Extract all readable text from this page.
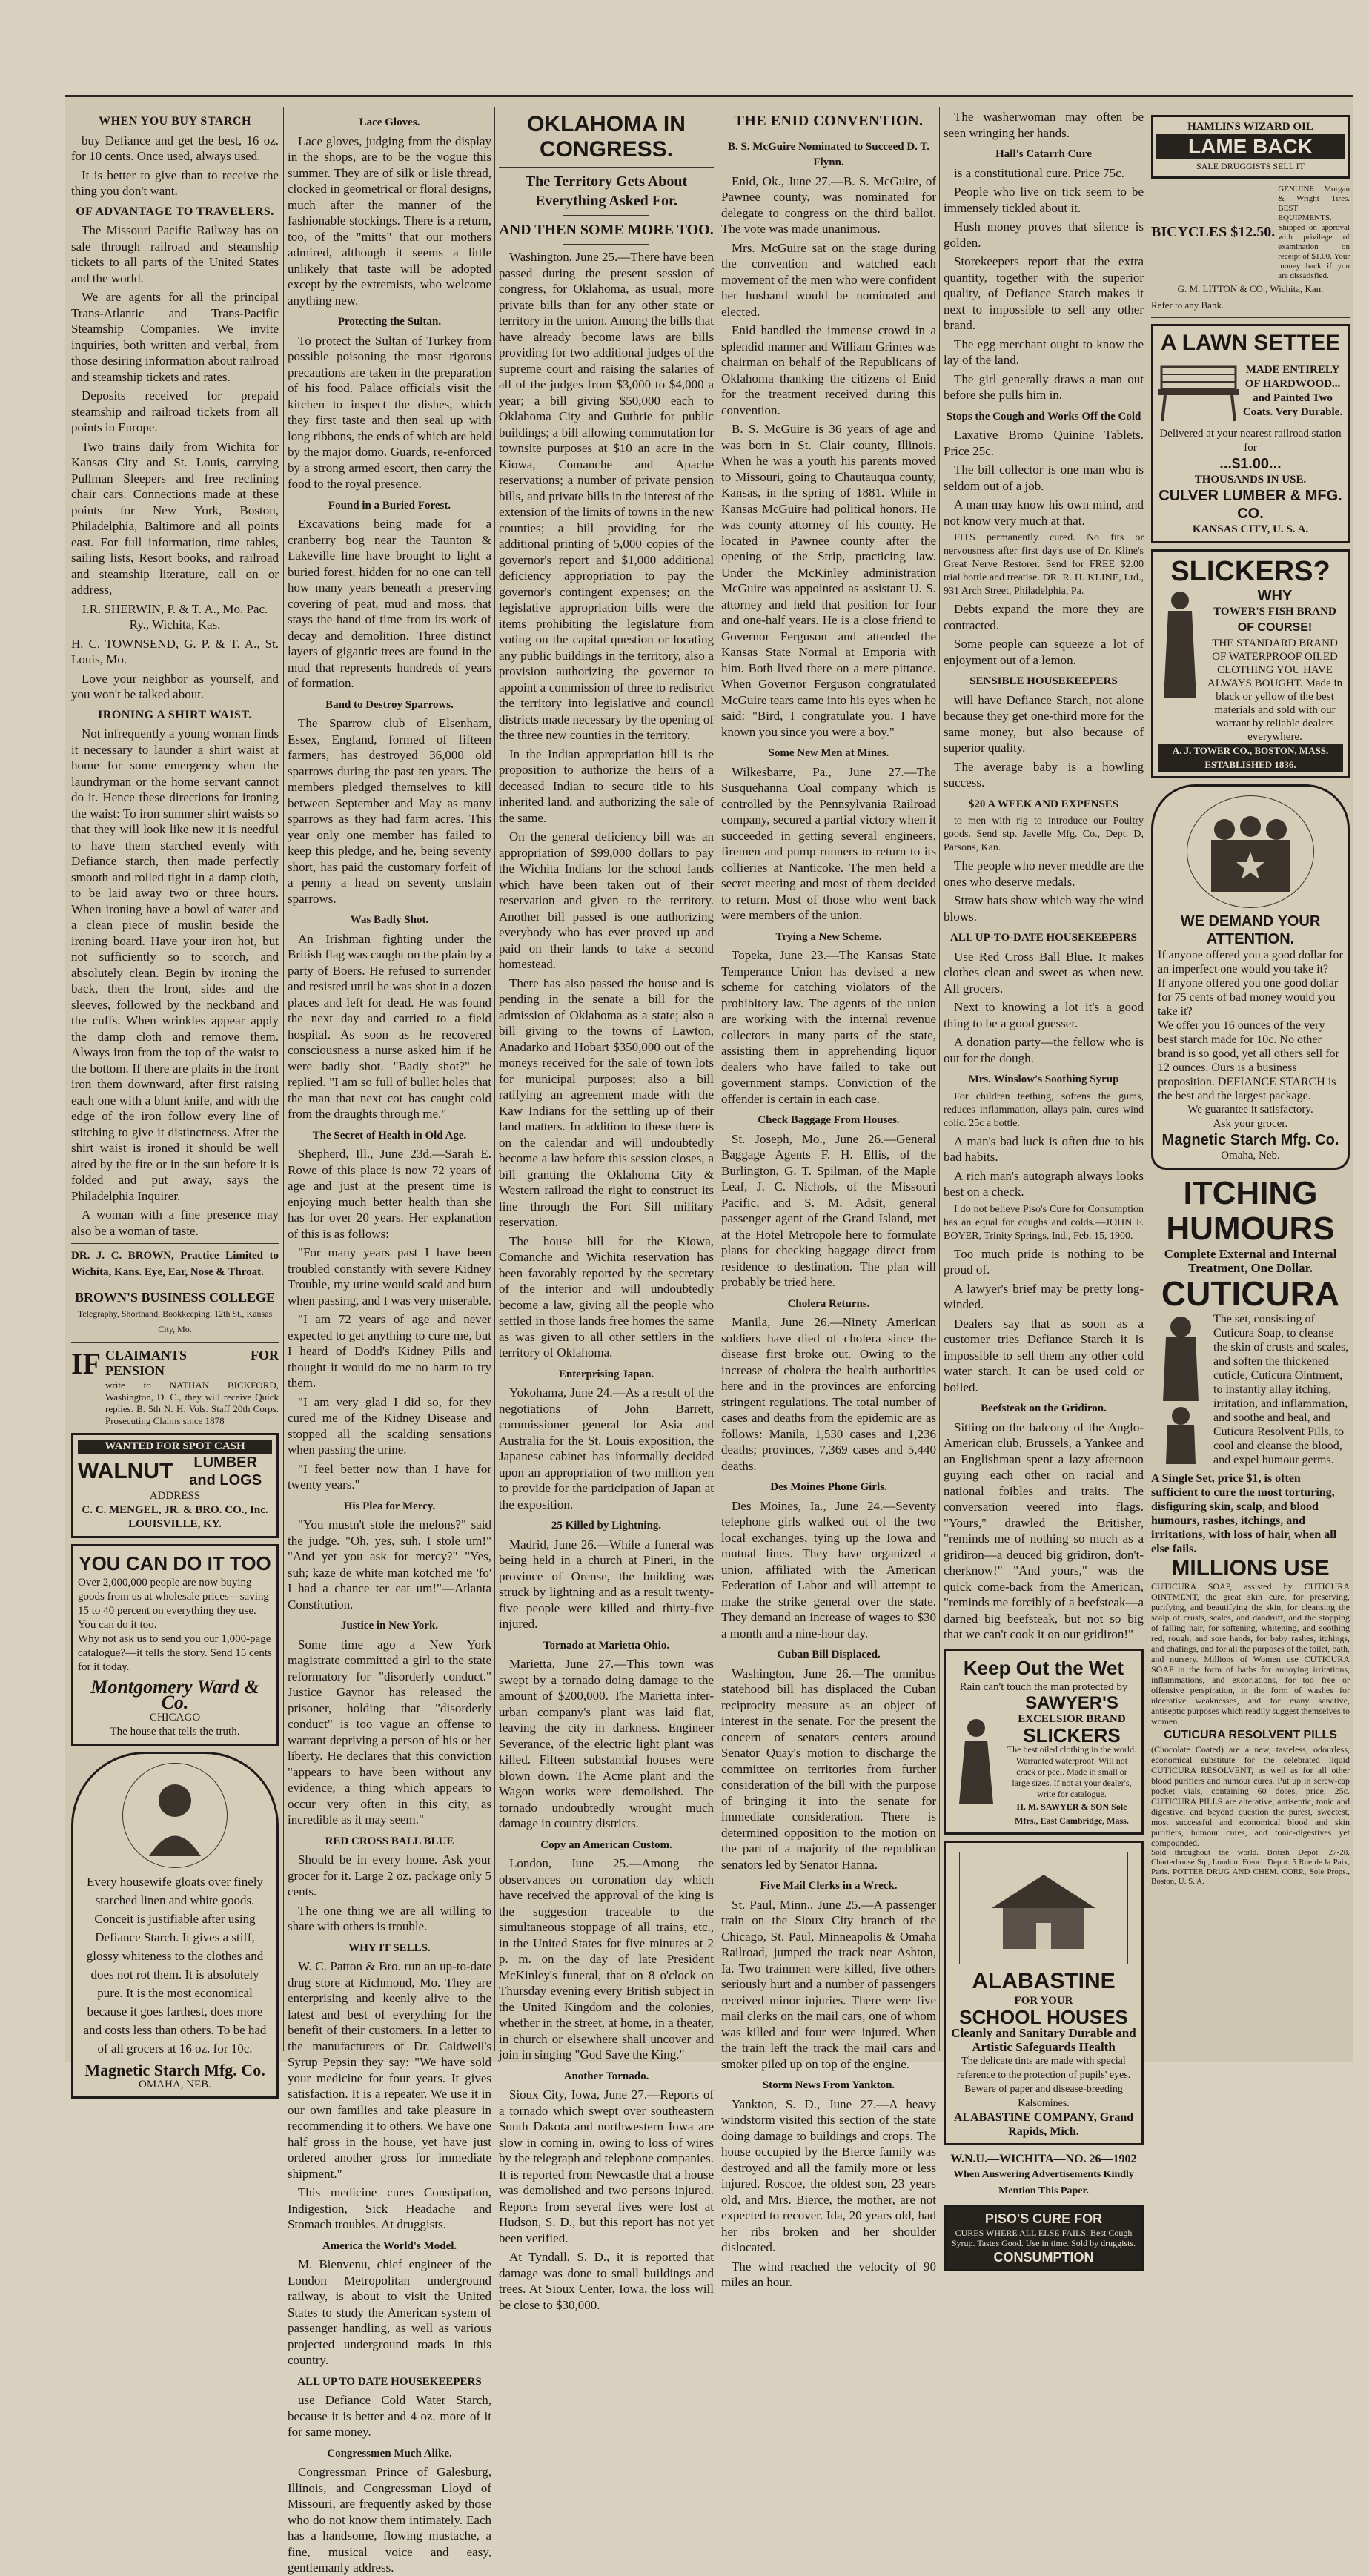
WHEN YOU BUY STARCH

buy Defiance and get the best, 16 oz. for 10 cents. Once used, always used.

It is better to give than to receive the thing you don't want.

OF ADVANTAGE TO TRAVELERS.

The Missouri Pacific Railway has on sale through railroad and steamship tickets to all parts of the United States and the world.

We are agents for all the principal Trans-Atlantic and Trans-Pacific Steamship Companies. We invite inquiries, both written and verbal, from those desiring information about railroad and steamship tickets and rates.

Deposits received for prepaid steamship and railroad tickets from all points in Europe.

Two trains daily from Wichita for Kansas City and St. Louis, carrying Pullman Sleepers and free reclining chair cars. Connections made at these points for New York, Boston, Philadelphia, Baltimore and all points east. For full information, time tables, sailing lists, Resort books, and railroad and steamship literature, call on or address,

I.R. SHERWIN, P. & T. A., Mo. Pac. Ry., Wichita, Kas.

H. C. TOWNSEND, G. P. & T. A., St. Louis, Mo.

Love your neighbor as yourself, and you won't be talked about.

IRONING A SHIRT WAIST.

Not infrequently a young woman finds it necessary to launder a shirt waist at home for some emergency when the laundryman or the home servant cannot do it. Hence these directions for ironing the waist: To iron summer shirt waists so that they will look like new it is needful to have them starched evenly with Defiance starch, then made perfectly smooth and rolled tight in a damp cloth, to be laid away two or three hours. When ironing have a bowl of water and a clean piece of muslin beside the ironing board. Have your iron hot, but not sufficiently so to scorch, and absolutely clean. Begin by ironing the back, then the front, sides and the sleeves, followed by the neckband and the cuffs. When wrinkles appear apply the damp cloth and remove them. Always iron from the top of the waist to the bottom. If there are plaits in the front iron them downward, after first raising each one with a blunt knife, and with the edge of the iron follow every line of stitching to give it distinctness. After the shirt waist is ironed it should be well aired by the fire or in the sun before it is folded and put away, says the Philadelphia Inquirer.

A woman with a fine presence may also be a woman of taste.

DR. J. C. BROWN, Practice Limited to Wichita, Kans. Eye, Ear, Nose & Throat.
BROWN'S BUSINESS COLLEGE
Telegraphy, Shorthand, Bookkeeping. 12th St., Kansas City, Mo.
IF CLAIMANTS FOR PENSION
write to NATHAN BICKFORD, Washington, D. C., they will receive Quick replies. B. 5th N. H. Vols. Staff 20th Corps. Prosecuting Claims since 1878
WANTED FOR SPOT CASH
WALNUT	LUMBER and LOGS
ADDRESS
C. C. MENGEL, JR. & BRO. CO., Inc.
LOUISVILLE, KY.
YOU CAN DO IT TOO
Over 2,000,000 people are now buying goods from us at wholesale prices—saving 15 to 40 percent on everything they use. You can do it too.
Why not ask us to send you our 1,000-page catalogue?—it tells the story. Send 15 cents for it today.
Montgomery Ward & Co.
CHICAGO
The house that tells the truth.
Every housewife gloats over finely starched linen and white goods. Conceit is justifiable after using Defiance Starch. It gives a stiff, glossy whiteness to the clothes and does not rot them. It is absolutely pure. It is the most economical because it goes farthest, does more and costs less than others. To be had of all grocers at 16 oz. for 10c.
Magnetic Starch Mfg. Co.
OMAHA, NEB.
Lace Gloves.

Lace gloves, judging from the display in the shops, are to be the vogue this summer. They are of silk or lisle thread, clocked in geometrical or floral designs, much after the manner of the fashionable stockings. There is a return, too, of the "mitts" that our mothers admired, although it seems a little unlikely that taste will be adopted except by the extremists, who welcome anything new.

Protecting the Sultan.

To protect the Sultan of Turkey from possible poisoning the most rigorous precautions are taken in the preparation of his food. Palace officials visit the kitchen to inspect the dishes, which they first taste and then seal up with long ribbons, the ends of which are held by the major domo. Guards, re-enforced by a strong armed escort, then carry the food to the royal presence.

Found in a Buried Forest.

Excavations being made for a cranberry bog near the Taunton & Lakeville line have brought to light a buried forest, hidden for no one can tell how many years beneath a preserving covering of peat, mud and moss, that stays the hand of time from its work of decay and demolition. Three distinct layers of gigantic trees are found in the mud that represents hundreds of years of formation.

Band to Destroy Sparrows.

The Sparrow club of Elsenham, Essex, England, formed of fifteen farmers, has destroyed 36,000 old sparrows during the past ten years. The members pledged themselves to kill between September and May as many sparrows as they had farm acres. This year only one member has failed to keep this pledge, and he, being seventy short, has paid the customary forfeit of a penny a head on seventy unslain sparrows.

Was Badly Shot.

An Irishman fighting under the British flag was caught on the plain by a party of Boers. He refused to surrender and resisted until he was shot in a dozen places and left for dead. He was found the next day and carried to a field hospital. As soon as he recovered consciousness a nurse asked him if he were badly shot. "Badly shot?" he replied. "I am so full of bullet holes that the man that next cot has caught cold from the draughts through me."

The Secret of Health in Old Age.

Shepherd, Ill., June 23d.—Sarah E. Rowe of this place is now 72 years of age and just at the present time is enjoying much better health than she has for over 20 years. Her explanation of this is as follows:

"For many years past I have been troubled constantly with severe Kidney Trouble, my urine would scald and burn when passing, and I was very miserable.

"I am 72 years of age and never expected to get anything to cure me, but I heard of Dodd's Kidney Pills and thought it would do me no harm to try them.

"I am very glad I did so, for they cured me of the Kidney Disease and stopped all the scalding sensations when passing the urine.

"I feel better now than I have for twenty years."

His Plea for Mercy.

"You mustn't stole the melons?" said the judge. "Oh, yes, suh, I stole um!" "And yet you ask for mercy?" "Yes, suh; kaze de white man kotched me 'fo' I had a chance ter eat um!"—Atlanta Constitution.

Justice in New York.

Some time ago a New York magistrate committed a girl to the state reformatory for "disorderly conduct." Justice Gaynor has released the prisoner, holding that "disorderly conduct" is too vague an offense to warrant depriving a person of his or her liberty. He declares that this conviction "appears to have been without any evidence, a thing which appears to occur very often in this city, as incredible as it may seem."

RED CROSS BALL BLUE

Should be in every home. Ask your grocer for it. Large 2 oz. package only 5 cents.

The one thing we are all willing to share with others is trouble.

WHY IT SELLS.

W. C. Patton & Bro. run an up-to-date drug store at Richmond, Mo. They are enterprising and keenly alive to the latest and best of everything for the benefit of their customers. In a letter to the manufacturers of Dr. Caldwell's Syrup Pepsin they say: "We have sold your medicine for four years. It gives satisfaction. It is a repeater. We use it in our own families and take pleasure in recommending it to others. We have one half gross in the house, yet have just ordered another gross for immediate shipment."

This medicine cures Constipation, Indigestion, Sick Headache and Stomach troubles. At druggists.

America the World's Model.

M. Bienvenu, chief engineer of the London Metropolitan underground railway, is about to visit the United States to study the American system of passenger handling, as well as various projected underground roads in this country.

ALL UP TO DATE HOUSEKEEPERS

use Defiance Cold Water Starch, because it is better and 4 oz. more of it for same money.

Congressmen Much Alike.

Congressman Prince of Galesburg, Illinois, and Congressman Lloyd of Missouri, are frequently asked by those who do not know them intimately. Each has a handsome, flowing mustache, a fine, musical voice and easy, gentlemanly address.

OKLAHOMA IN CONGRESS.
The Territory Gets About Everything Asked For.
AND THEN SOME MORE TOO.

Washington, June 25.—There have been passed during the present session of congress, for Oklahoma, as usual, more private bills than for any other state or territory in the union. Among the bills that have already become laws are bills providing for two additional judges of the supreme court and raising the salaries of all of the judges from $3,000 to $4,000 a year; a bill giving $50,000 each to Oklahoma City and Guthrie for public buildings; a bill allowing commutation for townsite purposes at $10 an acre in the Kiowa, Comanche and Apache reservations; a number of private pension bills, and private bills in the interest of the extension of the limits of towns in the new counties; a bill providing for the additional printing of 5,000 copies of the governor's report and $1,000 additional deficiency appropriation to pay the governor's contingent expenses; on the legislative appropriation bills were the items prohibiting the legislature from voting on the capital question or locating any public buildings in the territory, also a provision authorizing the governor to appoint a commission of three to redistrict the territory into legislative and council districts made necessary by the opening of the three new counties in the territory.

In the Indian appropriation bill is the proposition to authorize the heirs of a deceased Indian to secure title to his inherited land, and authorizing the sale of the same.

On the general deficiency bill was an appropriation of $99,000 dollars to pay the Wichita Indians for the school lands which have been taken out of their reservation and given to the territory. Another bill passed is one authorizing everybody who has ever proved up and paid on their lands to take a second homestead.

There has also passed the house and is pending in the senate a bill for the admission of Oklahoma as a state; also a bill giving to the towns of Lawton, Anadarko and Hobart $350,000 out of the moneys received for the sale of town lots for municipal purposes; also a bill ratifying an agreement made with the Kaw Indians for the settling up of their land matters. In addition to these there is on the calendar and will undoubtedly become a law before this session closes, a bill granting the Oklahoma City & Western railroad the right to construct its line through the Fort Sill military reservation.

The house bill for the Kiowa, Comanche and Wichita reservation has been favorably reported by the secretary of the interior and will undoubtedly become a law, giving all the people who settled in those lands free homes the same as was given to all other settlers in the territory of Oklahoma.

Enterprising Japan.

Yokohama, June 24.—As a result of the negotiations of John Barrett, commissioner general for Asia and Australia for the St. Louis exposition, the Japanese cabinet has informally decided upon an appropriation of two million yen to provide for the participation of Japan at the exposition.

25 Killed by Lightning.

Madrid, June 26.—While a funeral was being held in a church at Pineri, in the province of Orense, the building was struck by lightning and as a result twenty-five people were killed and thirty-five injured.

Tornado at Marietta Ohio.

Marietta, June 27.—This town was swept by a tornado doing damage to the amount of $200,000. The Marietta inter-urban company's plant was laid flat, leaving the city in darkness. Engineer Severance, of the electric light plant was killed. Fifteen substantial houses were blown down. The Acme plant and the Wagon works were demolished. The tornado undoubtedly wrought much damage in country districts.

Copy an American Custom.

London, June 25.—Among the observances on coronation day which have received the approval of the king is the suggestion traceable to the simultaneous stoppage of all trains, etc., in the United States for five minutes at 2 p. m. on the day of late President McKinley's funeral, that on 8 o'clock on Thursday evening every British subject in the United Kingdom and the colonies, whether in the street, at home, in a theater, in church or elsewhere shall uncover and join in singing "God Save the King."

Another Tornado.

Sioux City, Iowa, June 27.—Reports of a tornado which swept over southeastern South Dakota and northwestern Iowa are slow in coming in, owing to loss of wires by the telegraph and telephone companies. It is reported from Newcastle that a house was demolished and two persons injured. Reports from several lives were lost at Hudson, S. D., but this report has not yet been verified.

At Tyndall, S. D., it is reported that damage was done to small buildings and trees. At Sioux Center, Iowa, the loss will be close to $30,000.

THE ENID CONVENTION.
B. S. McGuire Nominated to Succeed D. T. Flynn.

Enid, Ok., June 27.—B. S. McGuire, of Pawnee county, was nominated for delegate to congress on the third ballot. The vote was made unanimous.

Mrs. McGuire sat on the stage during the convention and watched each movement of the men who were confident her husband would be nominated and elected.

Enid handled the immense crowd in a splendid manner and William Grimes was chairman on behalf of the Republicans of Oklahoma thanking the citizens of Enid for the treatment received during this convention.

B. S. McGuire is 36 years of age and was born in St. Clair county, Illinois. When he was a youth his parents moved to Missouri, going to Chautauqua county, Kansas, in the spring of 1881. While in Kansas McGuire had political honors. He was county attorney of his county. He located in Pawnee county after the opening of the Strip, practicing law. Under the McKinley administration McGuire was appointed as assistant U. S. attorney and held that position for four and one-half years. He is a close friend to Governor Ferguson and attended the Kansas State Normal at Emporia with him. Both lived there on a mere pittance. When Governor Ferguson congratulated McGuire tears came into his eyes when he said: "Bird, I congratulate you. I have known you since you were a boy."

Some New Men at Mines.

Wilkesbarre, Pa., June 27.—The Susquehanna Coal company which is controlled by the Pennsylvania Railroad company, secured a partial victory when it succeeded in getting several engineers, firemen and pump runners to return to its collieries at Nanticoke. The men held a secret meeting and most of them decided to return. Most of those who went back were members of the union.

Trying a New Scheme.

Topeka, June 23.—The Kansas State Temperance Union has devised a new scheme for catching violators of the prohibitory law. The agents of the union are working with the internal revenue collectors in many parts of the state, assisting them in apprehending liquor dealers who have failed to take out government stamps. Conviction of the offender is certain in each case.

Check Baggage From Houses.

St. Joseph, Mo., June 26.—General Baggage Agents F. H. Ellis, of the Burlington, G. T. Spilman, of the Maple Leaf, J. C. Nichols, of the Missouri Pacific, and S. M. Adsit, general passenger agent of the Grand Island, met at the Hotel Metropole here to formulate plans for checking baggage direct from residence to destination. The plan will probably be tried here.

Cholera Returns.

Manila, June 26.—Ninety American soldiers have died of cholera since the disease first broke out. Owing to the increase of cholera the health authorities here and in the provinces are enforcing stringent regulations. The total number of cases and deaths from the epidemic are as follows: Manila, 1,530 cases and 1,236 deaths; provinces, 7,369 cases and 5,440 deaths.

Des Moines Phone Girls.

Des Moines, Ia., June 24.—Seventy telephone girls walked out of the two local exchanges, tying up the Iowa and mutual lines. They have organized a union, affiliated with the American Federation of Labor and will attempt to make the strike general over the state. They demand an increase of wages to $30 a month and a nine-hour day.

Cuban Bill Displaced.

Washington, June 26.—The omnibus statehood bill has displaced the Cuban reciprocity measure as an object of interest in the senate. For the present the concern of senators centers around Senator Quay's motion to discharge the committee on territories from further consideration of the bill with the purpose of bringing it into the senate for immediate consideration. There is determined opposition to the motion on the part of a majority of the republican senators led by Senator Hanna.

Five Mail Clerks in a Wreck.

St. Paul, Minn., June 25.—A passenger train on the Sioux City branch of the Chicago, St. Paul, Minneapolis & Omaha Railroad, jumped the track near Ashton, Ia. Two trainmen were killed, five others seriously hurt and a number of passengers received minor injuries. There were five mail clerks on the mail cars, one of whom was killed and four were injured. When the train left the track the mail cars and smoker piled up on top of the engine.

Storm News From Yankton.

Yankton, S. D., June 27.—A heavy windstorm visited this section of the state doing damage to buildings and crops. The house occupied by the Bierce family was destroyed and all the family more or less injured. Roscoe, the oldest son, 23 years old, and Mrs. Bierce, the mother, are not expected to recover. Ida, 20 years old, had her ribs broken and her shoulder dislocated.

The wind reached the velocity of 90 miles an hour.

The washerwoman may often be seen wringing her hands.

Hall's Catarrh Cure

is a constitutional cure. Price 75c.

People who live on tick seem to be immensely tickled about it.

Hush money proves that silence is golden.

Storekeepers report that the extra quantity, together with the superior quality, of Defiance Starch makes it next to impossible to sell any other brand.

The egg merchant ought to know the lay of the land.

The girl generally draws a man out before she pulls him in.

Stops the Cough and Works Off the Cold

Laxative Bromo Quinine Tablets. Price 25c.

The bill collector is one man who is seldom out of a job.

A man may know his own mind, and not know very much at that.

FITS permanently cured. No fits or nervousness after first day's use of Dr. Kline's Great Nerve Restorer. Send for FREE $2.00 trial bottle and treatise. DR. R. H. KLINE, Ltd., 931 Arch Street, Philadelphia, Pa.

Debts expand the more they are contracted.

Some people can squeeze a lot of enjoyment out of a lemon.

SENSIBLE HOUSEKEEPERS

will have Defiance Starch, not alone because they get one-third more for the same money, but also because of superior quality.

The average baby is a howling success.

$20 A WEEK AND EXPENSES

to men with rig to introduce our Poultry goods. Send stp. Javelle Mfg. Co., Dept. D, Parsons, Kan.

The people who never meddle are the ones who deserve medals.

Straw hats show which way the wind blows.

ALL UP-TO-DATE HOUSEKEEPERS

Use Red Cross Ball Blue. It makes clothes clean and sweet as when new. All grocers.

Next to knowing a lot it's a good thing to be a good guesser.

A donation party—the fellow who is out for the dough.

Mrs. Winslow's Soothing Syrup

For children teething, softens the gums, reduces inflammation, allays pain, cures wind colic. 25c a bottle.

A man's bad luck is often due to his bad habits.

A rich man's autograph always looks best on a check.

I do not believe Piso's Cure for Consumption has an equal for coughs and colds.—JOHN F. BOYER, Trinity Springs, Ind., Feb. 15, 1900.

Too much pride is nothing to be proud of.

A lawyer's brief may be pretty long-winded.

Dealers say that as soon as a customer tries Defiance Starch it is impossible to sell them any other cold water starch. It can be used cold or boiled.

Beefsteak on the Gridiron.

Sitting on the balcony of the Anglo-American club, Brussels, a Yankee and an Englishman spent a lazy afternoon guying each other on racial and national foibles and traits. The conversation veered into flags. "Yours," drawled the Britisher, "reminds me of nothing so much as a gridiron—a deuced big gridiron, don't-cherknow!" "And yours," was the quick come-back from the American, "reminds me forcibly of a beefsteak—a darned big beefsteak, but not so big that we can't cook it on our gridiron!"

Keep Out the Wet
Rain can't touch the man protected by
SAWYER'S
EXCELSIOR BRAND
SLICKERS
The best oiled clothing in the world. Warranted waterproof. Will not crack or peel. Made in small or large sizes. If not at your dealer's, write for catalogue.
H. M. SAWYER & SON Sole Mfrs., East Cambridge, Mass.
ALABASTINE
FOR YOUR
SCHOOL HOUSES
Cleanly and Sanitary Durable and Artistic Safeguards Health
The delicate tints are made with special reference to the protection of pupils' eyes. Beware of paper and disease-breeding Kalsomines.
ALABASTINE COMPANY, Grand Rapids, Mich.
W.N.U.—WICHITA—NO. 26—1902
When Answering Advertisements Kindly Mention This Paper.
PISO'S CURE FOR
CURES WHERE ALL ELSE FAILS. Best Cough Syrup. Tastes Good. Use in time. Sold by druggists.
CONSUMPTION
HAMLINS WIZARD OIL
LAME BACK
SALE DRUGGISTS SELL IT
BICYCLES $12.50.
GENUINE Morgan & Wright Tires. BEST EQUIPMENTS. Shipped on approval with privilege of examination on receipt of $1.00. Your money back if you are dissatisfied.
G. M. LITTON & CO., Wichita, Kan.
Refer to any Bank.
A LAWN SETTEE
MADE ENTIRELY OF HARDWOOD... and Painted Two Coats. Very Durable.
Delivered at your nearest railroad station for
...$1.00...
THOUSANDS IN USE.
CULVER LUMBER & MFG. CO.
KANSAS CITY, U. S. A.
SLICKERS?
WHY
TOWER'S FISH BRAND
OF COURSE!
THE STANDARD BRAND OF WATERPROOF OILED CLOTHING YOU HAVE ALWAYS BOUGHT. Made in black or yellow of the best materials and sold with our warrant by reliable dealers everywhere.
A. J. TOWER CO., BOSTON, MASS. ESTABLISHED 1836.
WE DEMAND YOUR ATTENTION.
If anyone offered you a good dollar for an imperfect one would you take it?
If anyone offered you one good dollar for 75 cents of bad money would you take it?
We offer you 16 ounces of the very best starch made for 10c. No other brand is so good, yet all others sell for 12 ounces. Ours is a business proposition. DEFIANCE STARCH is the best and the largest package.
We guarantee it satisfactory.
Ask your grocer.
Magnetic Starch Mfg. Co.
Omaha, Neb.
ITCHING
HUMOURS
Complete External and Internal Treatment, One Dollar.
CUTICURA
The set, consisting of Cuticura Soap, to cleanse the skin of crusts and scales, and soften the thickened cuticle, Cuticura Ointment, to instantly allay itching, irritation, and inflammation, and soothe and heal, and Cuticura Resolvent Pills, to cool and cleanse the blood, and expel humour germs.
A Single Set, price $1, is often sufficient to cure the most torturing, disfiguring skin, scalp, and blood humours, rashes, itchings, and irritations, with loss of hair, when all else fails.
MILLIONS USE
CUTICURA SOAP, assisted by CUTICURA OINTMENT, the great skin cure, for preserving, purifying, and beautifying the skin, for cleansing the scalp of crusts, scales, and dandruff, and the stopping of falling hair, for softening, whitening, and soothing red, rough, and sore hands, for baby rashes, itchings, and chafings, and for all the purposes of the toilet, bath, and nursery. Millions of Women use CUTICURA SOAP in the form of baths for annoying irritations, inflammations, and excoriations, for too free or offensive perspiration, in the form of washes for ulcerative weaknesses, and for many sanative, antiseptic purposes which readily suggest themselves to women.
CUTICURA RESOLVENT PILLS
(Chocolate Coated) are a new, tasteless, odourless, economical substitute for the celebrated liquid CUTICURA RESOLVENT, as well as for all other blood purifiers and humour cures. Put up in screw-cap pocket vials, containing 60 doses, price, 25c. CUTICURA PILLS are alterative, antiseptic, tonic and digestive, and beyond question the purest, sweetest, most successful and economical blood and skin purifiers, humour cures, and tonic-digestives yet compounded.
Sold throughout the world. British Depot: 27-28, Charterhouse Sq., London. French Depot: 5 Rue de la Paix, Paris. POTTER DRUG AND CHEM. CORP., Sole Props., Boston, U. S. A.
